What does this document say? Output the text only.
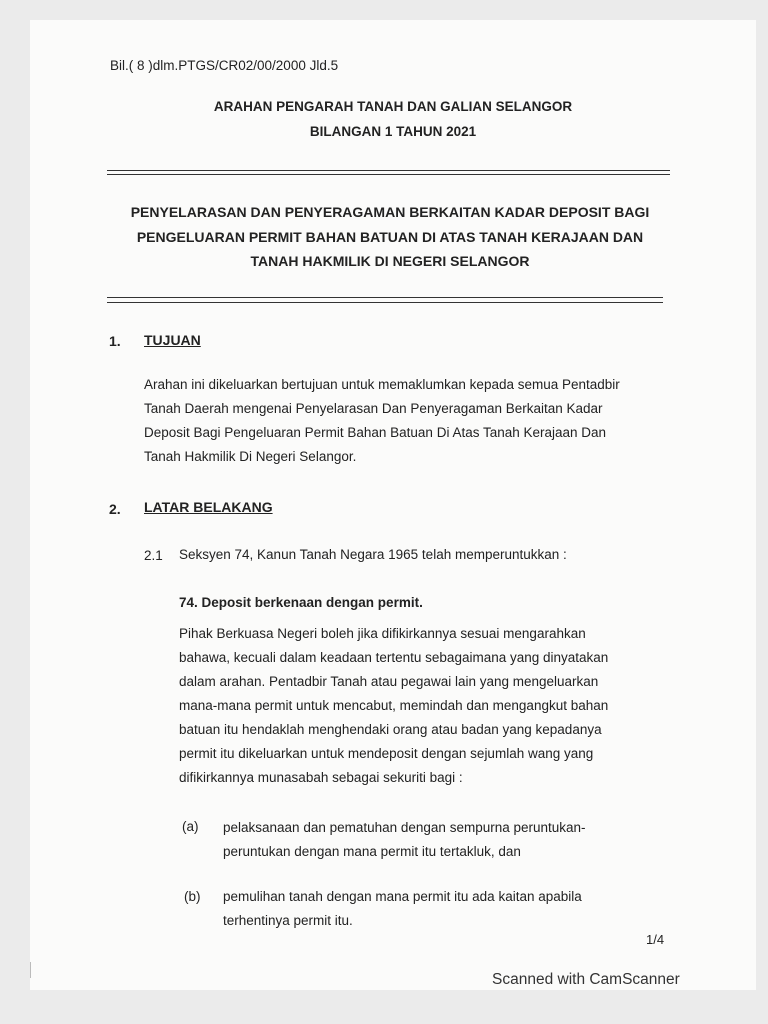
Bil.( 8 )dlm.PTGS/CR02/00/2000 Jld.5
ARAHAN PENGARAH TANAH DAN GALIAN SELANGOR
BILANGAN 1 TAHUN 2021
PENYELARASAN DAN PENYERAGAMAN BERKAITAN KADAR DEPOSIT BAGI
PENGELUARAN PERMIT BAHAN BATUAN DI ATAS TANAH KERAJAAN DAN
TANAH HAKMILIK DI NEGERI SELANGOR
1. TUJUAN
Arahan ini dikeluarkan bertujuan untuk memaklumkan kepada semua Pentadbir
Tanah Daerah mengenai Penyelarasan Dan Penyeragaman Berkaitan Kadar
Deposit Bagi Pengeluaran Permit Bahan Batuan Di Atas Tanah Kerajaan Dan
Tanah Hakmilik Di Negeri Selangor.
2. LATAR BELAKANG
2.1 Seksyen 74, Kanun Tanah Negara 1965 telah memperuntukkan :
74. Deposit berkenaan dengan permit.
Pihak Berkuasa Negeri boleh jika difikirkannya sesuai mengarahkan
bahawa, kecuali dalam keadaan tertentu sebagaimana yang dinyatakan
dalam arahan. Pentadbir Tanah atau pegawai lain yang mengeluarkan
mana-mana permit untuk mencabut, memindah dan mengangkut bahan
batuan itu hendaklah menghendaki orang atau badan yang kepadanya
permit itu dikeluarkan untuk mendeposit dengan sejumlah wang yang
difikirkannya munasabah sebagai sekuriti bagi :
(a) pelaksanaan dan pematuhan dengan sempurna peruntukan-
peruntukan dengan mana permit itu tertakluk, dan
(b) pemulihan tanah dengan mana permit itu ada kaitan apabila
terhentinya permit itu.
1/4
Scanned with CamScanner
